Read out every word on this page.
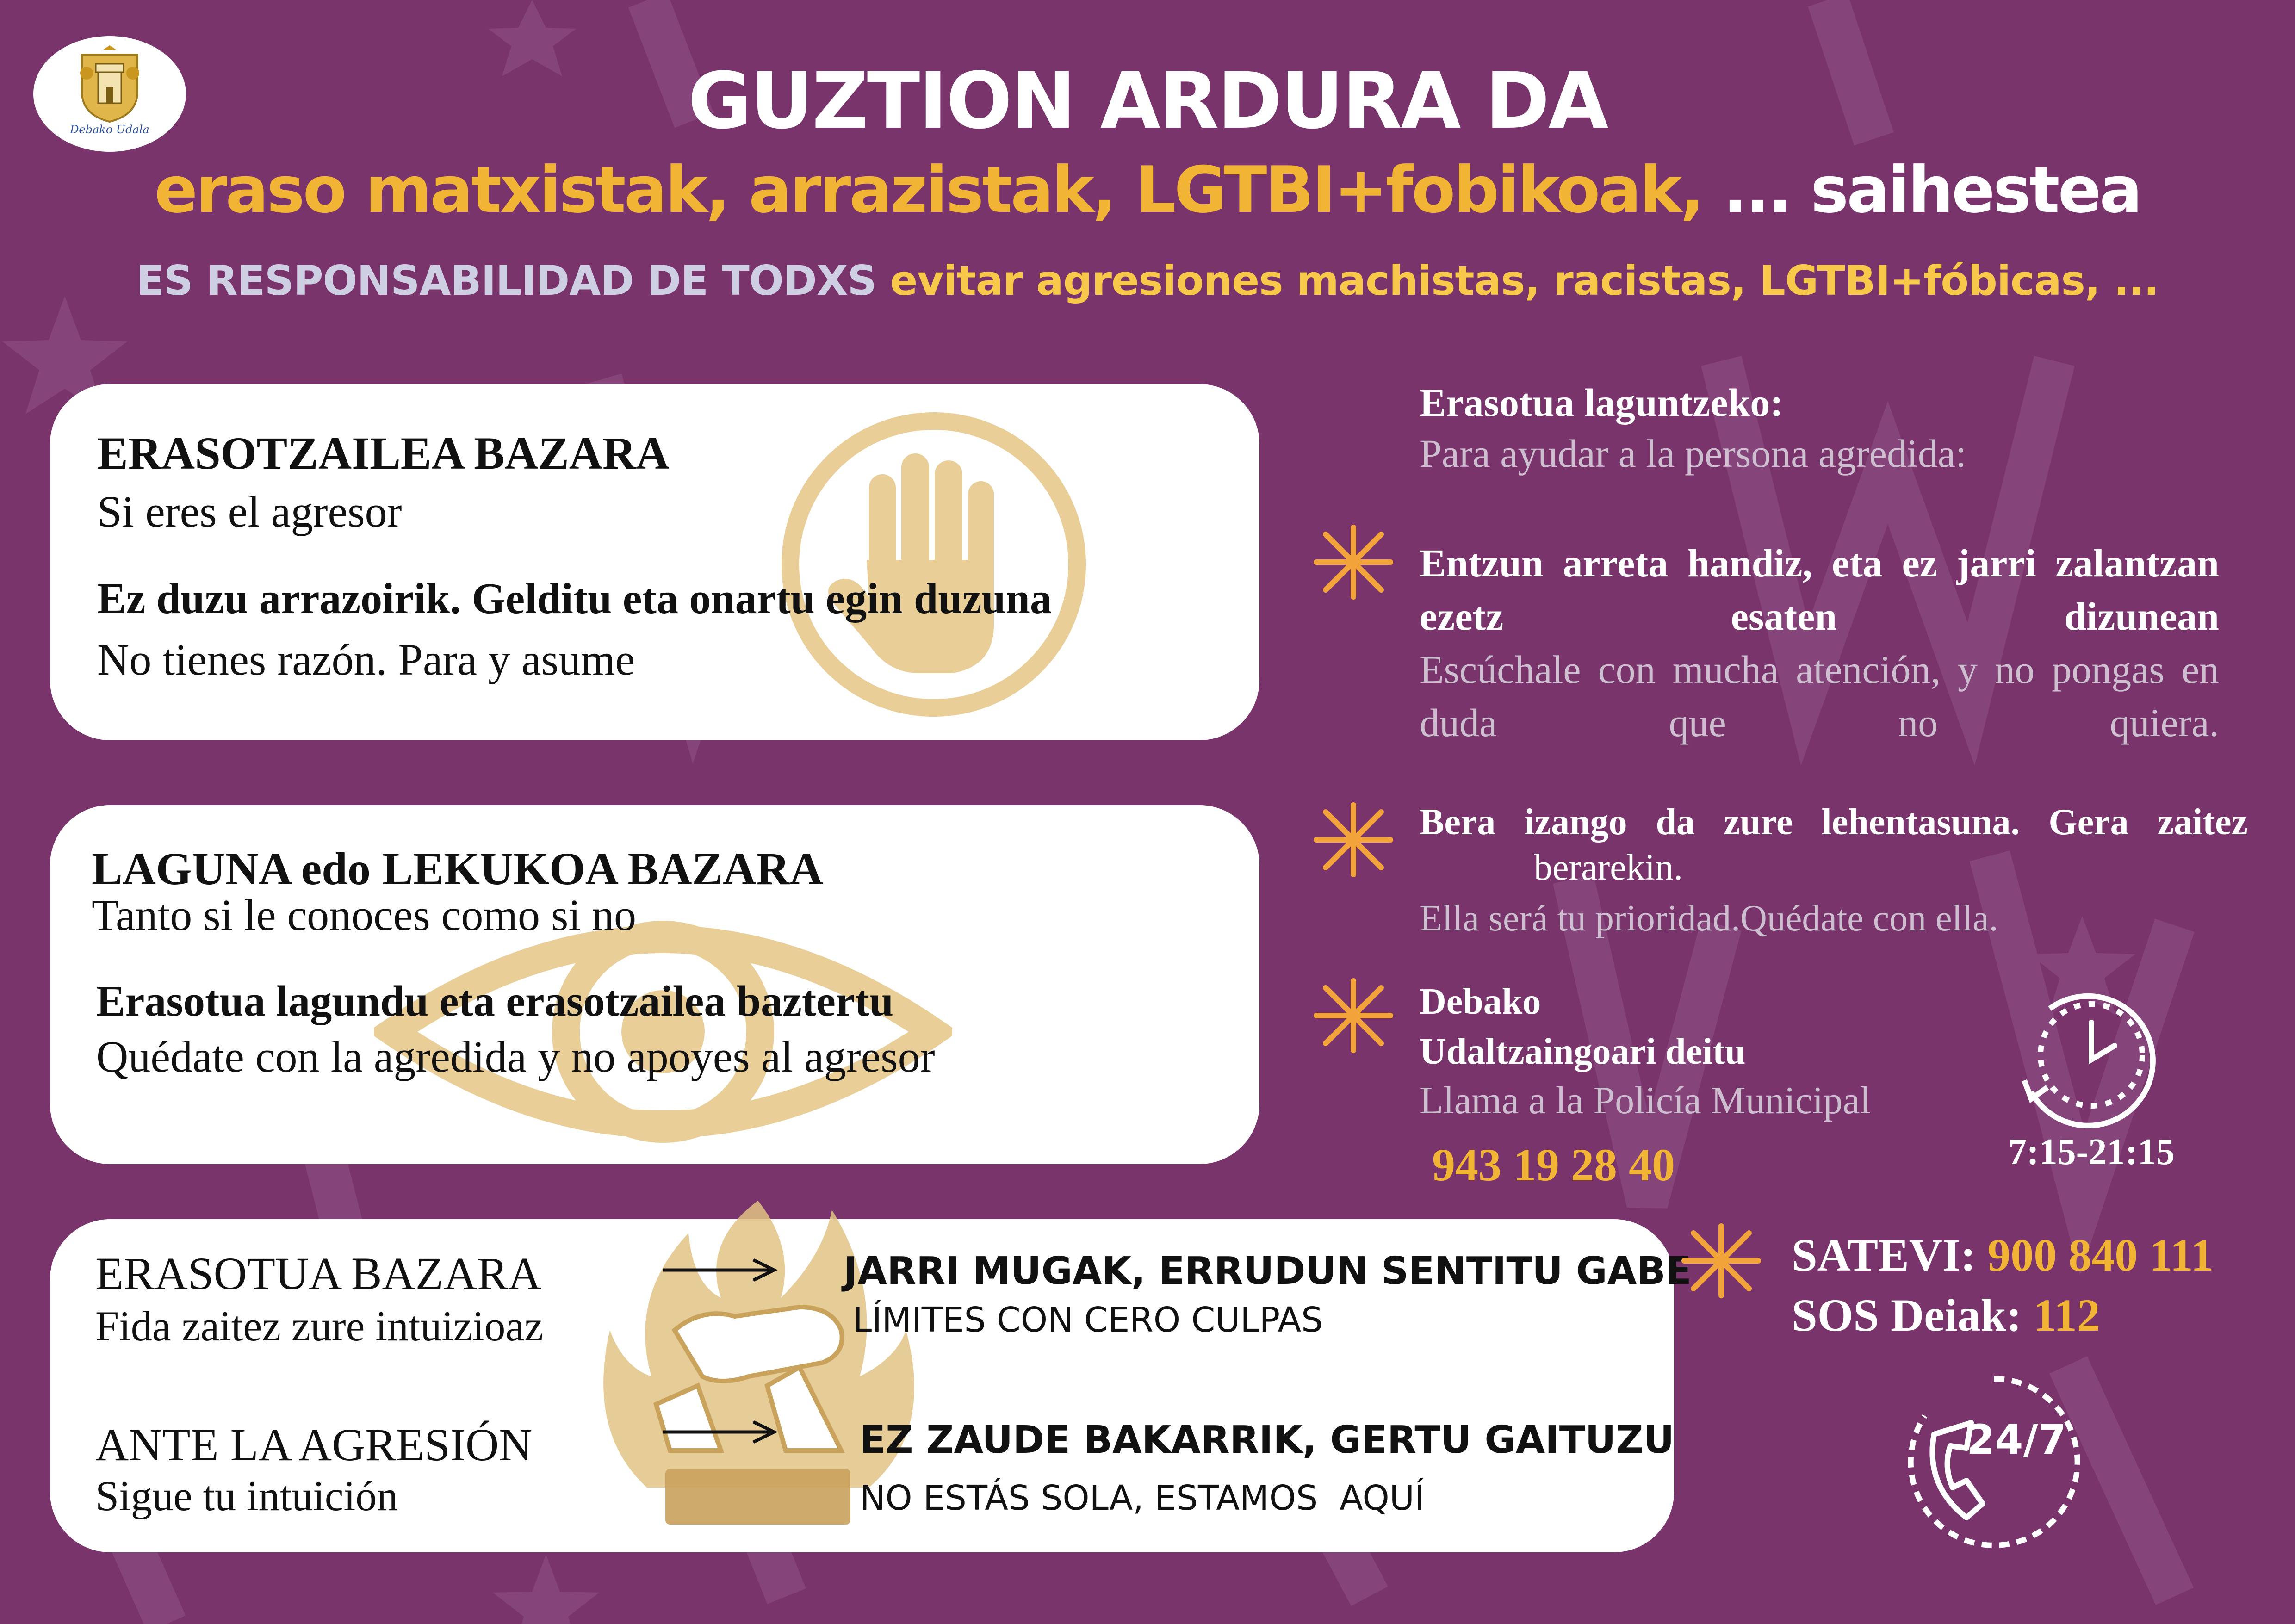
Debako Udala	GUZTION ARDURA DA
eraso matxistak, arrazistak, LGTBI+fobikoak, ... saihestea
ES RESPONSABILIDAD DE TODXS evitar agresiones machistas, racistas, LGTBI+fóbicas, ...
ERASOTZAILEA BAZARA
Si eres el agresor
Ez duzu arrazoirik. Gelditu eta onartu egin duzuna
No tienes razón. Para y asume
LAGUNA edo LEKUKOA BAZARA
Tanto si le conoces como si no
Erasotua lagundu eta erasotzailea baztertu
Quédate con la agredida y no apoyes al agresor
ERASOTUA BAZARA
Fida zaitez zure intuizioaz
ANTE LA AGRESIÓN
Sigue tu intuición
JARRI MUGAK, ERRUDUN SENTITU GABE
LÍMITES CON CERO CULPAS
EZ ZAUDE BAKARRIK, GERTU GAITUZU
NO ESTÁS SOLA, ESTAMOS  AQUÍ
Erasotua laguntzeko:
Para ayudar a la persona agredida:
Entzun arreta handiz, eta ez jarri zalantzan ezetz esaten dizunean
Escúchale con mucha atención, y no pongas en duda que no quiera.
Bera izango da zure lehentasuna. Gera zaitez
berarekin.
Ella será tu prioridad.Quédate con ella.
Debako
Udaltzaingoari deitu
Llama a la Policía Municipal
943 19 28 40	7:15-21:15
SATEVI: 900 840 111
SOS Deiak: 112
24/7
